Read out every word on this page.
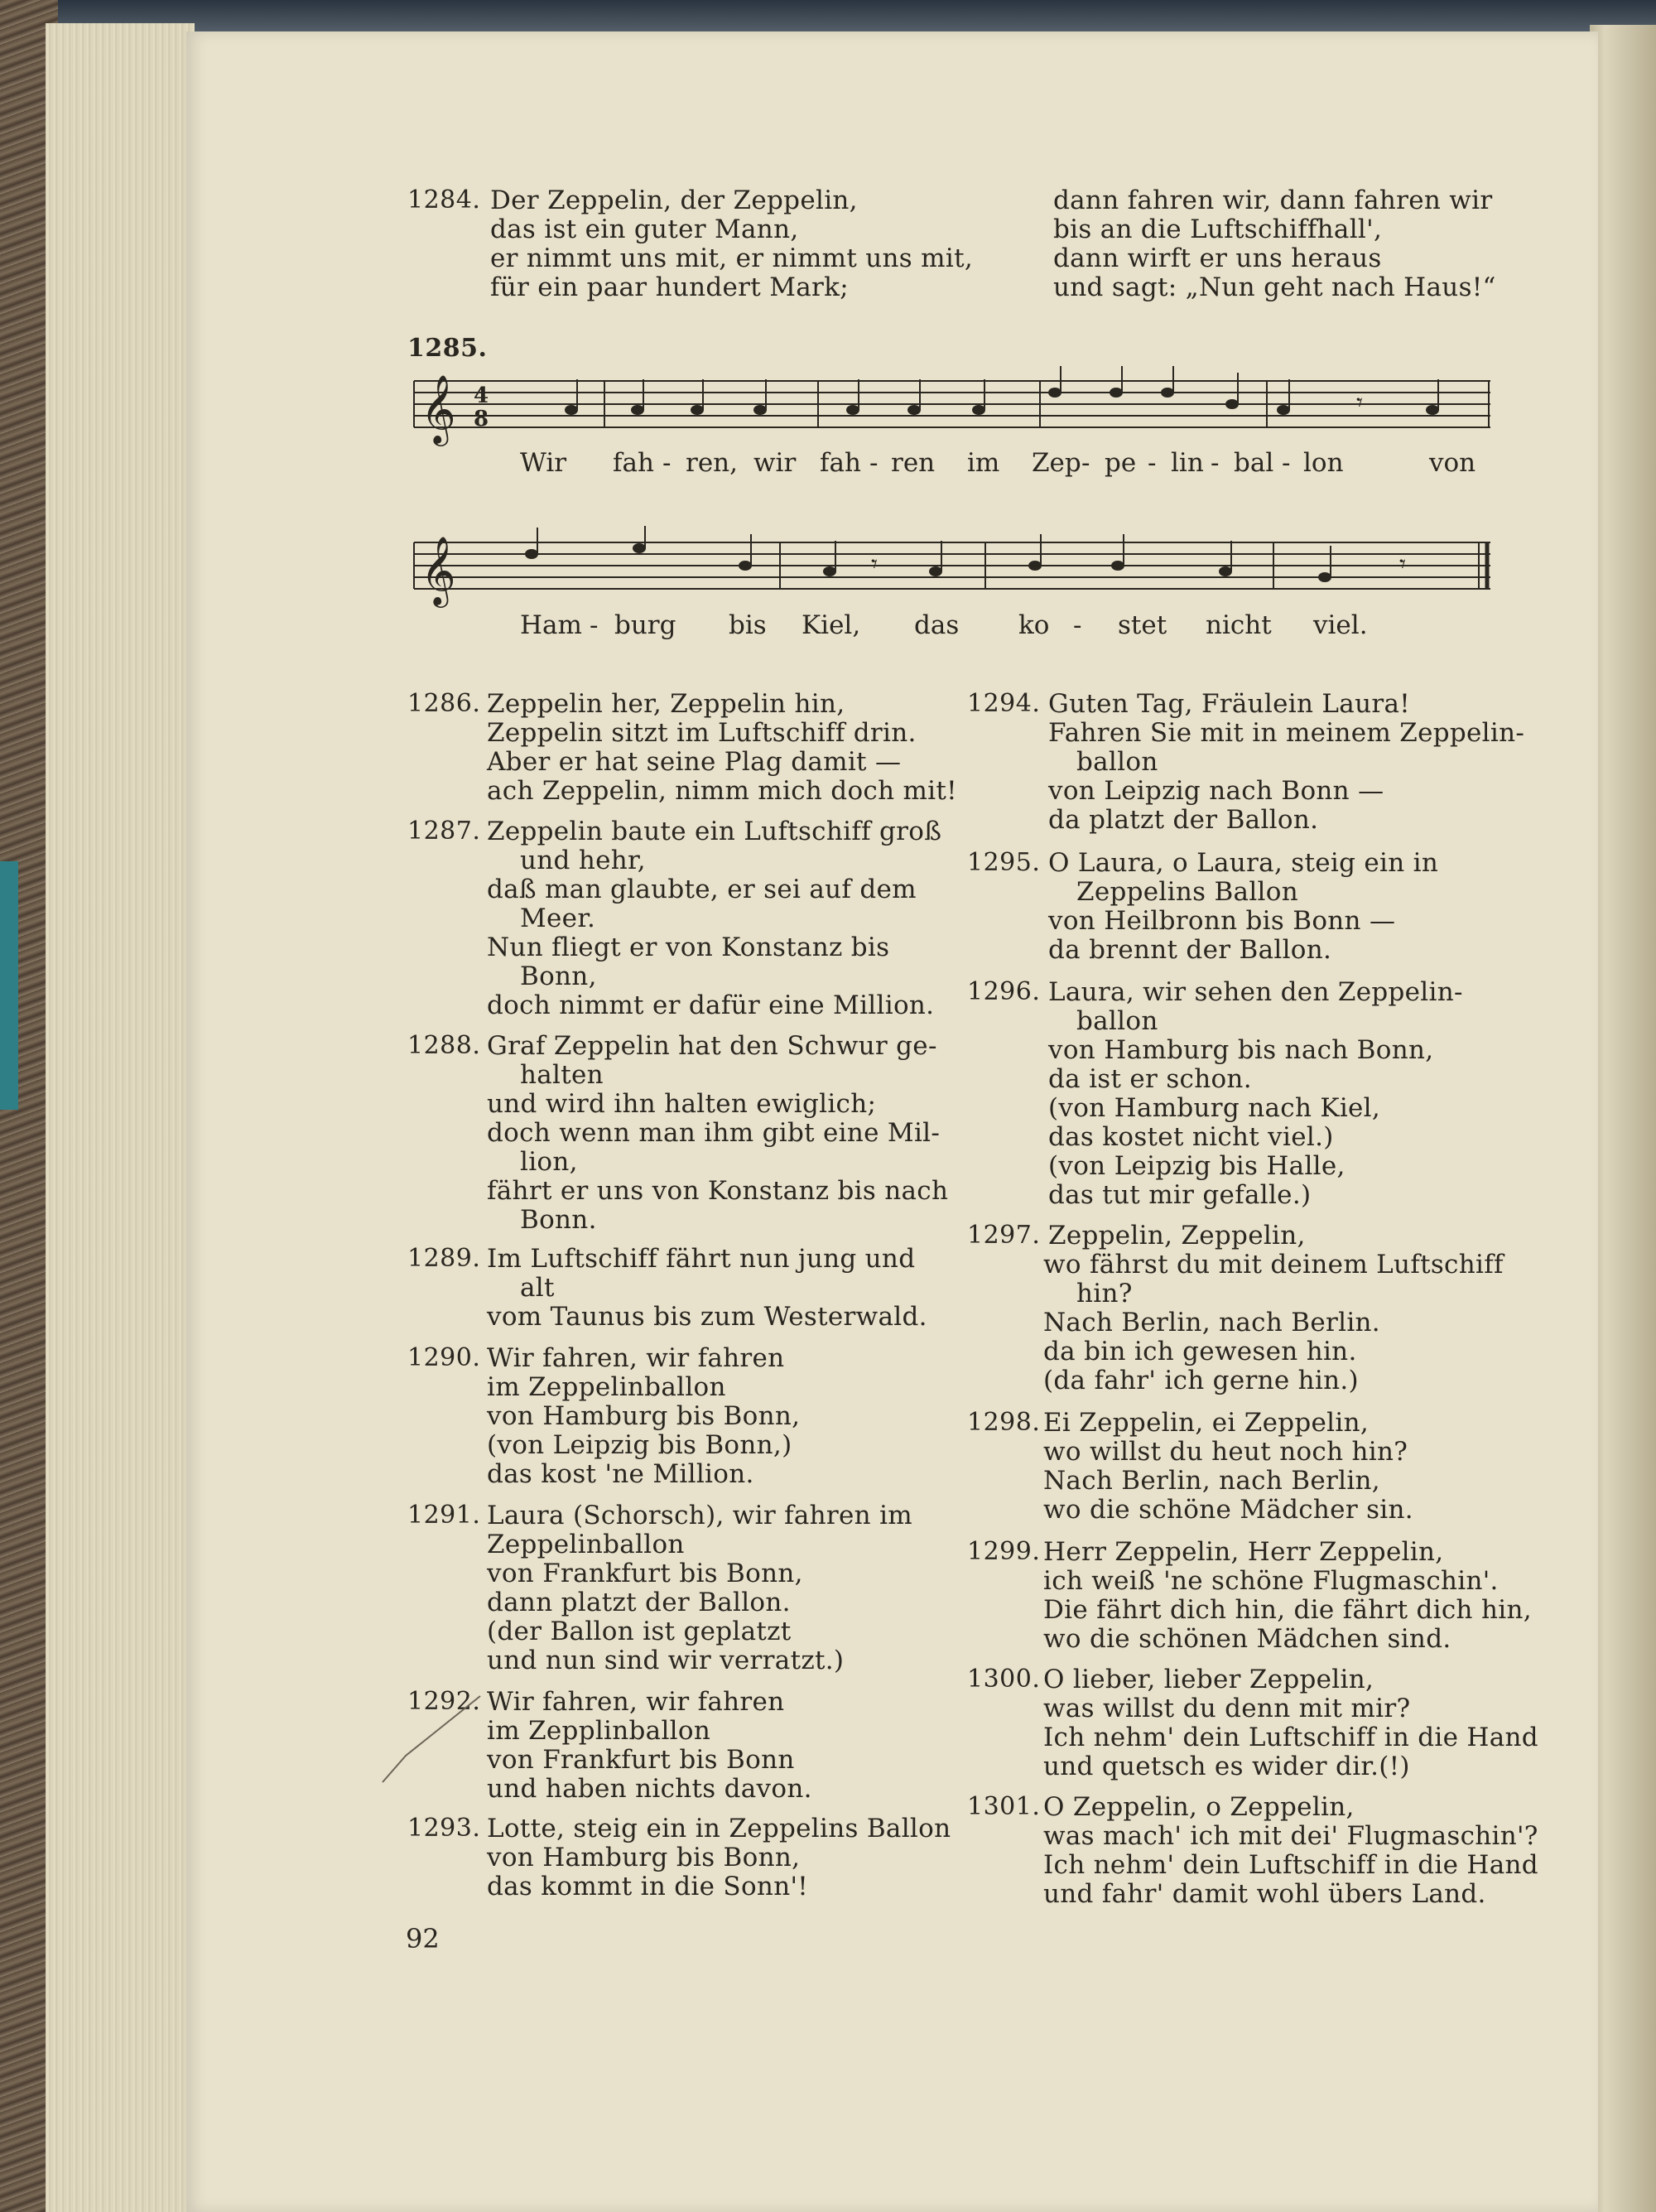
1284. Der Zeppelin, der Zeppelin,
das ist ein guter Mann,
er nimmt uns mit, er nimmt uns mit,
für ein paar hundert Mark;
dann fahren wir, dann fahren wir
bis an die Luftschiffhall',
dann wirft er uns heraus
und sagt: „Nun geht nach Haus!“
1285.
𝄞 4
8
𝄾
Wir fah - ren, wir fah - ren im Zep - pe - lin - bal - lon	von
𝄞	𝄾	𝄾
Ham - burg bis Kiel, das ko - stet nicht viel.
1286. Zeppelin her, Zeppelin hin,
Zeppelin sitzt im Luftschiff drin.
Aber er hat seine Plag damit —
ach Zeppelin, nimm mich doch mit!
1287. Zeppelin baute ein Luftschiff groß
und hehr,
daß man glaubte, er sei auf dem
Meer.
Nun fliegt er von Konstanz bis
Bonn,
doch nimmt er dafür eine Million.
1288. Graf Zeppelin hat den Schwur ge-
halten
und wird ihn halten ewiglich;
doch wenn man ihm gibt eine Mil-
lion,
fährt er uns von Konstanz bis nach
Bonn.
1289. Im Luftschiff fährt nun jung und
alt
vom Taunus bis zum Westerwald.
1290. Wir fahren, wir fahren
im Zeppelinballon
von Hamburg bis Bonn,
(von Leipzig bis Bonn,)
das kost 'ne Million.
1291. Laura (Schorsch), wir fahren im
Zeppelinballon
von Frankfurt bis Bonn,
dann platzt der Ballon.
(der Ballon ist geplatzt
und nun sind wir verratzt.)
1292. Wir fahren, wir fahren
im Zepplinballon
von Frankfurt bis Bonn
und haben nichts davon.
1293. Lotte, steig ein in Zeppelins Ballon
von Hamburg bis Bonn,
das kommt in die Sonn'!
1294. Guten Tag, Fräulein Laura!
Fahren Sie mit in meinem Zeppelin-
ballon
von Leipzig nach Bonn —
da platzt der Ballon.
1295. O Laura, o Laura, steig ein in
Zeppelins Ballon
von Heilbronn bis Bonn —
da brennt der Ballon.
1296. Laura, wir sehen den Zeppelin-
ballon
von Hamburg bis nach Bonn,
da ist er schon.
(von Hamburg nach Kiel,
das kostet nicht viel.)
(von Leipzig bis Halle,
das tut mir gefalle.)
1297. Zeppelin, Zeppelin,
wo fährst du mit deinem Luftschiff
hin?
Nach Berlin, nach Berlin.
da bin ich gewesen hin.
(da fahr' ich gerne hin.)
1298. Ei Zeppelin, ei Zeppelin,
wo willst du heut noch hin?
Nach Berlin, nach Berlin,
wo die schöne Mädcher sin.
1299. Herr Zeppelin, Herr Zeppelin,
ich weiß 'ne schöne Flugmaschin'.
Die fährt dich hin, die fährt dich hin,
wo die schönen Mädchen sind.
1300. O lieber, lieber Zeppelin,
was willst du denn mit mir?
Ich nehm' dein Luftschiff in die Hand
und quetsch es wider dir.(!)
1301. O Zeppelin, o Zeppelin,
was mach' ich mit dei' Flugmaschin'?
Ich nehm' dein Luftschiff in die Hand
und fahr' damit wohl übers Land.
92
